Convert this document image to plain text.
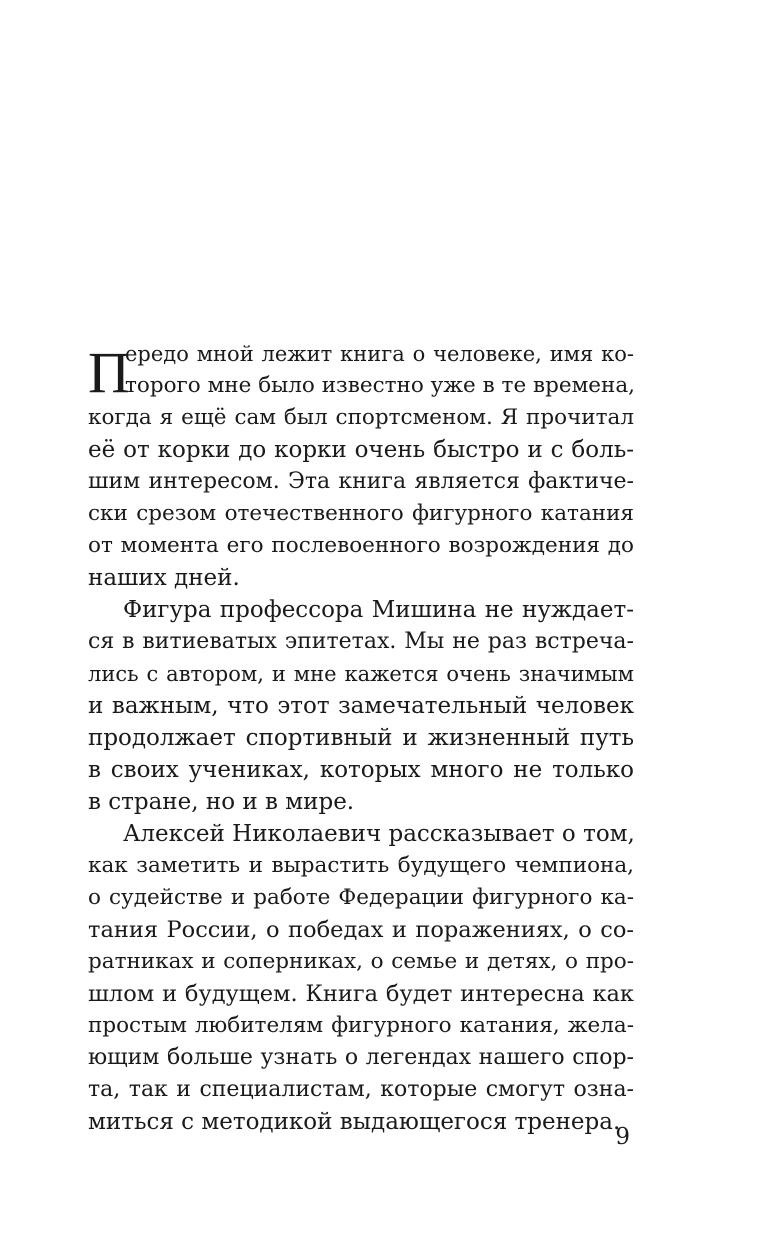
П
ередо мной лежит книга о человеке, имя ко-
торого мне было известно уже в те времена,
когда я ещё сам был спортсменом. Я прочитал
её от корки до корки очень быстро и с боль-
шим интересом. Эта книга является фактиче-
ски срезом отечественного фигурного катания
от момента его послевоенного возрождения до
наших дней.
Фигура профессора Мишина не нуждает-
ся в витиеватых эпитетах. Мы не раз встреча-
лись с автором, и мне кажется очень значимым
и важным, что этот замечательный человек
продолжает спортивный и жизненный путь
в своих учениках, которых много не только
в стране, но и в мире.
Алексей Николаевич рассказывает о том,
как заметить и вырастить будущего чемпиона,
о судействе и работе Федерации фигурного ка-
тания России, о победах и поражениях, о со-
ратниках и соперниках, о семье и детях, о про-
шлом и будущем. Книга будет интересна как
простым любителям фигурного катания, жела-
ющим больше узнать о легендах нашего спор-
та, так и специалистам, которые смогут озна-
миться с методикой выдающегося тренера.
9
